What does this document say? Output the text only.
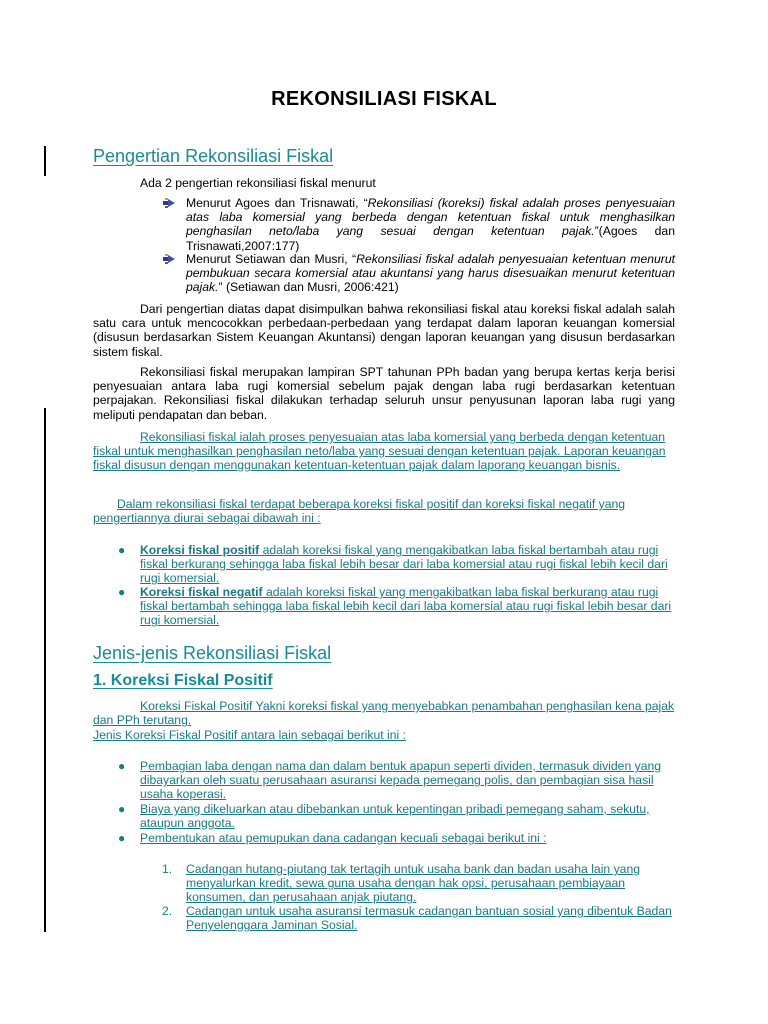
REKONSILIASI FISKAL
Pengertian Rekonsiliasi Fiskal
Ada 2 pengertian rekonsiliasi fiskal menurut
Menurut Agoes dan Trisnawati, “Rekonsiliasi (koreksi) fiskal adalah proses penyesuaian atas laba komersial yang berbeda dengan ketentuan fiskal untuk menghasilkan penghasilan neto/laba yang sesuai dengan ketentuan pajak.”(Agoes dan Trisnawati,2007:177)
Menurut Setiawan dan Musri, “Rekonsiliasi fiskal adalah penyesuaian ketentuan menurut pembukuan secara komersial atau akuntansi yang harus disesuaikan menurut ketentuan pajak.” (Setiawan dan Musri, 2006:421)
Dari pengertian diatas dapat disimpulkan bahwa rekonsiliasi fiskal atau koreksi fiskal adalah salah satu cara untuk mencocokkan perbedaan-perbedaan yang terdapat dalam laporan keuangan komersial (disusun berdasarkan Sistem Keuangan Akuntansi) dengan laporan keuangan yang disusun berdasarkan sistem fiskal.
Rekonsiliasi fiskal merupakan lampiran SPT tahunan PPh badan yang berupa kertas kerja berisi penyesuaian antara laba rugi komersial sebelum pajak dengan laba rugi berdasarkan ketentuan perpajakan. Rekonsiliasi fiskal dilakukan terhadap seluruh unsur penyusunan laporan laba rugi yang meliputi pendapatan dan beban.
Rekonsiliasi fiskal ialah proses penyesuaian atas laba komersial yang berbeda dengan ketentuan fiskal untuk menghasilkan penghasilan neto/laba yang sesuai dengan ketentuan pajak. Laporan keuangan fiskal disusun dengan menggunakan ketentuan-ketentuan pajak dalam laporang keuangan bisnis.
Dalam rekonsiliasi fiskal terdapat beberapa koreksi fiskal positif dan koreksi fiskal negatif yang pengertiannya diurai sebagai dibawah ini :
● Koreksi fiskal positif adalah koreksi fiskal yang mengakibatkan laba fiskal bertambah atau rugi fiskal berkurang sehingga laba fiskal lebih besar dari laba komersial atau rugi fiskal lebih kecil dari rugi komersial.
● Koreksi fiskal negatif adalah koreksi fiskal yang mengakibatkan laba fiskal berkurang atau rugi fiskal bertambah sehingga laba fiskal lebih kecil dari laba komersial atau rugi fiskal lebih besar dari rugi komersial.
Jenis-jenis Rekonsiliasi Fiskal
1. Koreksi Fiskal Positif
Koreksi Fiskal Positif Yakni koreksi fiskal yang menyebabkan penambahan penghasilan kena pajak dan PPh terutang.
Jenis Koreksi Fiskal Positif antara lain sebagai berikut ini :
● Pembagian laba dengan nama dan dalam bentuk apapun seperti dividen, termasuk dividen yang dibayarkan oleh suatu perusahaan asuransi kepada pemegang polis, dan pembagian sisa hasil usaha koperasi.
● Biaya yang dikeluarkan atau dibebankan untuk kepentingan pribadi pemegang saham, sekutu, ataupun anggota.
● Pembentukan atau pemupukan dana cadangan kecuali sebagai berikut ini :
1. Cadangan hutang-piutang tak tertagih untuk usaha bank dan badan usaha lain yang menyalurkan kredit, sewa guna usaha dengan hak opsi, perusahaan pembiayaan konsumen, dan perusahaan anjak piutang.
2. Cadangan untuk usaha asuransi termasuk cadangan bantuan sosial yang dibentuk Badan Penyelenggara Jaminan Sosial.
